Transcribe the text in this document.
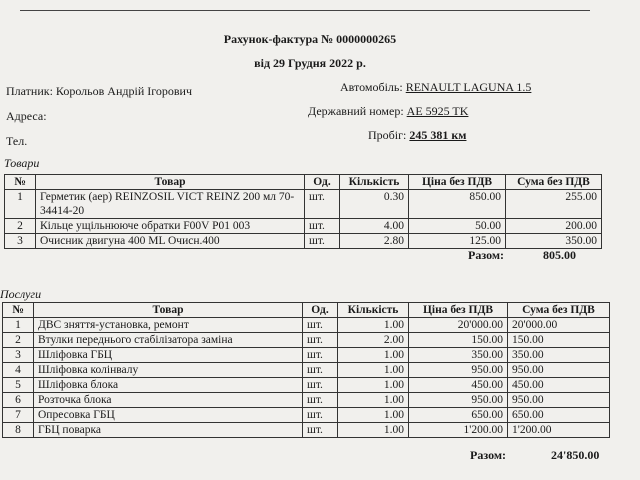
Рахунок-фактура № 0000000265
від 29 Грудня 2022 р.
Платник: Корольов Андрій Ігорович
Адреса:
Тел.
Автомобіль: RENAULT LAGUNA 1.5
Державний номер: AE 5925 TK
Пробіг: 245 381 км
Товари
№	Товар	Од.	Кількість	Ціна без ПДВ	Сума без ПДВ
1	Герметик (аер) REINZOSIL VICT REINZ 200 мл 70-34414-20	шт.	0.30	850.00	255.00
2	Кільце ущільнююче обратки F00V P01 003	шт.	4.00	50.00	200.00
3	Очисник двигуна 400 ML Очисн.400	шт.	2.80	125.00	350.00
Разом:	805.00
Послуги
№	Товар	Од.	Кількість	Ціна без ПДВ	Сума без ПДВ
1	ДВС зняття-установка, ремонт	шт.	1.00	20'000.00	20'000.00
2	Втулки переднього стабілізатора заміна	шт.	2.00	150.00	150.00
3	Шліфовка ГБЦ	шт.	1.00	350.00	350.00
4	Шліфовка колінвалу	шт.	1.00	950.00	950.00
5	Шліфовка блока	шт.	1.00	450.00	450.00
6	Розточка блока	шт.	1.00	950.00	950.00
7	Опресовка ГБЦ	шт.	1.00	650.00	650.00
8	ГБЦ поварка	шт.	1.00	1'200.00	1'200.00
Разом:	24'850.00
